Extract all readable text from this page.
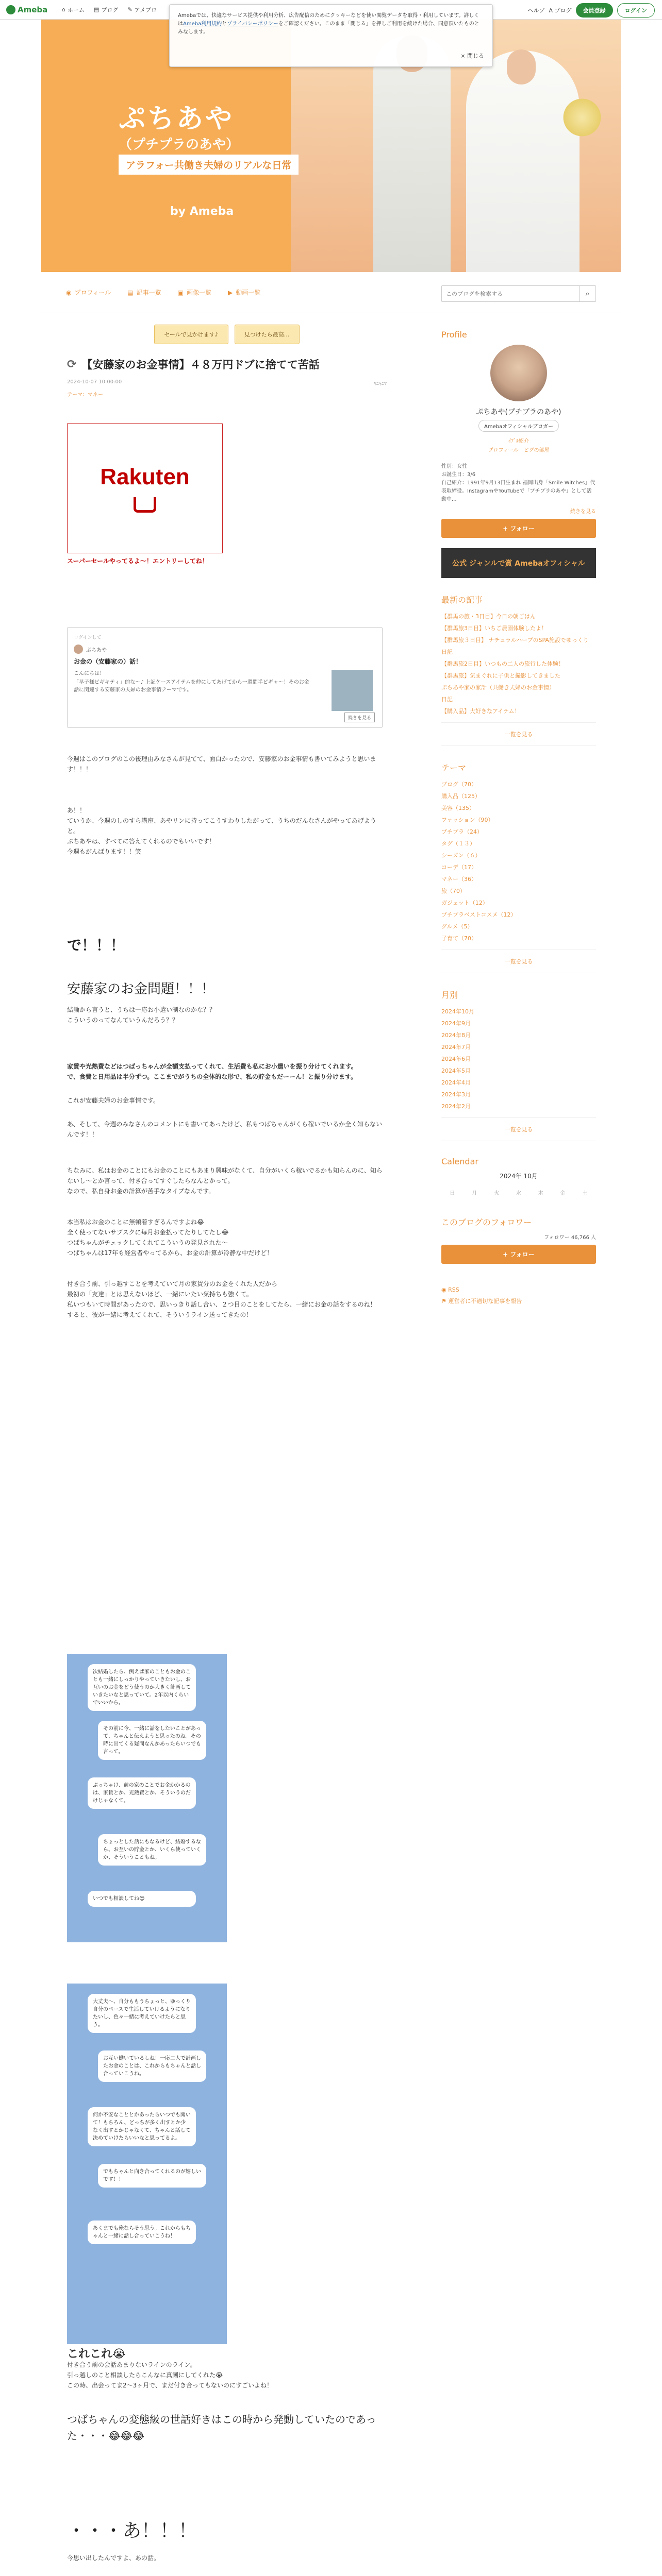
Ameba	⌂ ホーム ▤ ブログ ✎ アメブロ	ヘルプ A ブログ	会員登録	ログイン
Amebaでは、快適なサービス提供や利用分析、広告配信のためにクッキーなどを使い閲覧データを取得・利用しています。詳しくはAmeba利用規約とプライバシーポリシーをご確認ください。このまま「閉じる」を押しご利用を続けた場合、同意頂いたものとみなします。
× 閉じる
ぷちあや
（プチプラのあや）
アラフォー共働き夫婦のリアルな日常
by Ameba
◉ プロフィール	▤ 記事一覧	▣ 画像一覧	▶ 動画一覧
このブログを検索する	⌕
セールで見かけます♪	見つけたら最高…
⟳ 【安藤家のお金事情】４８万円ドブに捨てて苦話
2024-10-07 10:00:00	ﾏﾆｬﾆﾏ
テーマ：マネー
Rakuten
スーパーセールやってるよ〜！エントリーしてね！
ログインして
ぷちあや
お金の（安藤家の）話！
こんにちは！
「早子様ビギキティ」的な〜♪ 上記ケースアイテムを仲にしてあげてから一週間半ピギャ〜！そのお金話に関連する安藤家の夫婦のお金事情テーマです。
続きを見る
今週はこのブログのこの後理由みなさんが見てて、面白かったので、安藤家のお金事情も書いてみようと思います！！！
あ！！
ていうか、今週のしのすら講座、あやリンに持ってこうすわりしたがって、うちのだんなさんがやってあげようと。
ぷちあやは、すべてに答えてくれるのでもいいです！
今週もがんばります！！笑
で！！！
安藤家のお金問題！！！
結論から言うと、うちは一応お小遣い制なのかな？？
こういうのってなんていうんだろう？？
家賃や光熱費などはつばっちゃんが全額支払ってくれて、生活費も私にお小遣いを振り分けてくれます。
で、食費と日用品は半分ずつ。ここまでがうちの全体的な形で、私の貯金もだーーん！と振り分けます。
これが安藤夫婦のお金事情です。
あ、そして、今週のみなさんのコメントにも書いてあったけど、私もつばちゃんがくら稼いでいるか全く知らないんです！！
ちなみに、私はお金のことにもお金のことにもあまり興味がなくて、自分がいくら稼いでるかも知らんのに、知らないし〜とか言って、付き合ってすぐしたらなんとかって。
なので、私自身お金の計算が苦手なタイプなんです。
本当私はお金のことに無頓着すぎるんですよね😂
全く使ってないサブスクに毎月お金払ってたりしてたし😂
つばちゃんがチェックしてくれてこういうの発見された〜
つばちゃんは17年も経営者やってるから、お金の計算が冷静な中だけど！
付き合う前、引っ越すことを考えていて月の家賃分のお金をくれた人だから
最初の「友達」とは思えないほど、一緒にいたい気持ちも強くて。
私いつもいて時間があったので、思いっきり話し合い、２つ目のことをしてたら、一緒にお金の話をするのね！
すると、彼が一緒に考えてくれて、そういうライン送ってきたの！
次結婚したら、例えば家のこともお金のことも一緒にしっかりやっていきたいし、お互いのお金をどう使うのか大きく計画していきたいなと思っていて。2年以内くらいでいいから。
その前に今、一緒に話をしたいことがあって、ちゃんと伝えようと思ったのね。その時に出てくる疑問なんかあったらいつでも言って。
ぶっちゃけ、前の家のことでお金かかるのは、家賃とか、光熱費とか、そういうのだけじゃなくて。
ちょっとした話にもなるけど、結婚するなら、お互いの貯金とか、いくら使っていくか、そういうこともね。
いつでも相談してね😊
大丈夫〜、自分ももうちょっと、ゆっくり自分のペースで生活していけるようになりたいし、色々一緒に考えていけたらと思う。
お互い働いているしね！一応二人で計画したお金のことは、これからもちゃんと話し合っていこうね。
何か不安なこととかあったらいつでも聞いて！もちろん、どっちが多く出すとか少なく出すとかじゃなくて、ちゃんと話して決めていけたらいいなと思ってるよ。
でもちゃんと向き合ってくれるのが嬉しいです！！
あくまでも俺ならそう思う。これからもちゃんと一緒に話し合っていこうね！
これこれ😭
付き合う前の会話あまりないラインのライン。
引っ越しのこと相談したらこんなに真剣にしてくれた😭
この時、出会ってま2〜3ヶ月で、まだ付き合ってもないのにすごいよね！
つばちゃんの変態級の世話好きはこの時から発動していたのであった・・・😂😂😂
・・・あ！！！
今思い出したんですよ、あの話。
Profile
ぷちあや(プチプラのあや)
Amebaオフィシャルブロガー
ｲﾌﾞﾙ紹介
プロフィール　 ピグの部屋
性別：女性
お誕生日：3/6
自己紹介：1991年9月13日生まれ 福岡出身「Smile Witches」代表取締役。InstagramやYouTubeで「プチプラのあや」として活動中...
続きを見る
+ フォロー
公式 ジャンルで賞 Amebaオフィシャル
最新の記事
【群馬の旅・3日目】今日の朝ごはん
【群馬旅3日目】いちご農園体験したよ！
【群馬旅３日目】 ナチュラルハーブのSPA施設でゆっくり
日記
【群馬旅2日目】いつもの二人の旅行した体験！
【群馬旅】気まぐれに子供と撮影してきました
ぷちあや家の家計（共働き夫婦のお金事情）
日記
【購入品】大好きなアイテム！
一覧を見る
テーマ
ブログ（70）
購入品（125）
美容（135）
ファッション（90）
プチプラ（24）
タグ（１３）
シーズン（６）
コーデ（17）
マネー（36）
旅（70）
ガジェット（12）
プチプラベストコスメ（12）
グルメ（5）
子育て（70）
一覧を見る
月別
2024年10月
2024年9月
2024年8月
2024年7月
2024年6月
2024年5月
2024年4月
2024年3月
2024年2月
一覧を見る
Calendar
2024年 10月
日	月	火	水	木	金	土
このブログのフォロワー
フォロワー 46,766 人
+ フォロー
◉ RSS
⚑ 運営者に不適切な記事を報告
